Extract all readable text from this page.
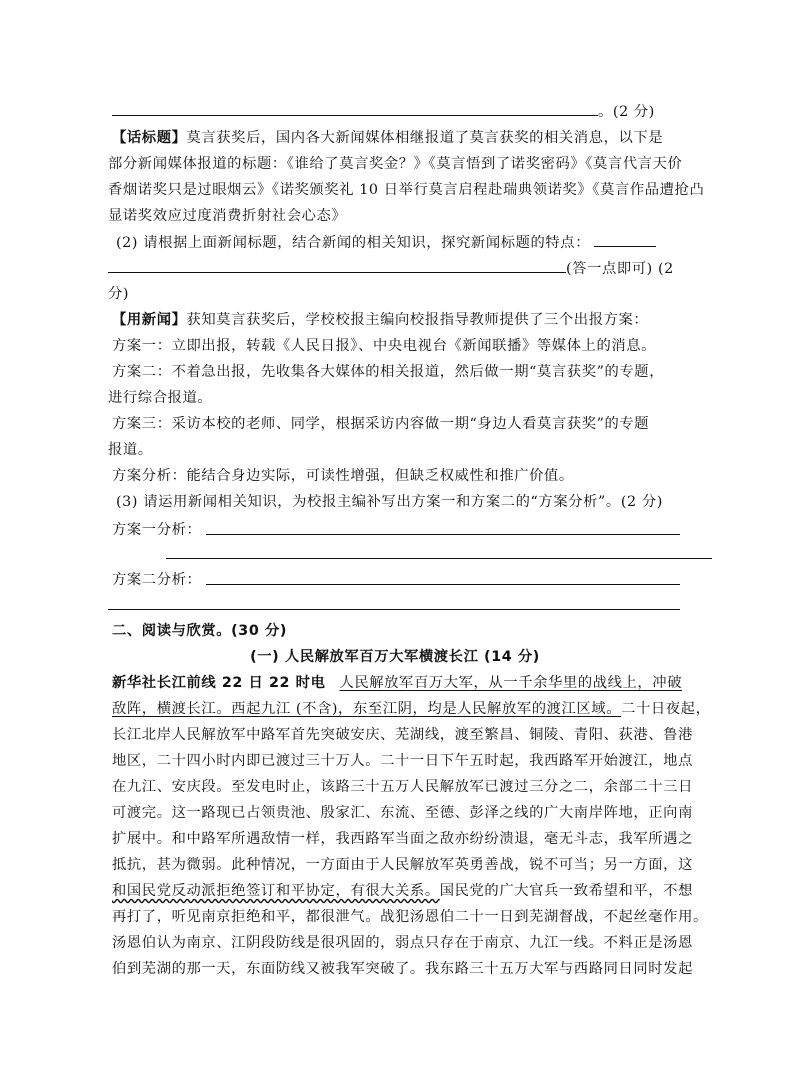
。(2 分)
【话标题】莫言获奖后，国内各大新闻媒体相继报道了莫言获奖的相关消息，以下是
部分新闻媒体报道的标题：《谁给了莫言奖金？》《莫言悟到了诺奖密码》《莫言代言天价
香烟诺奖只是过眼烟云》《诺奖颁奖礼 10 日举行莫言启程赴瑞典领诺奖》《莫言作品遭抢凸
显诺奖效应过度消费折射社会心态》
(2) 请根据上面新闻标题，结合新闻的相关知识，探究新闻标题的特点：
(答一点即可) (2
分)
【用新闻】获知莫言获奖后，学校校报主编向校报指导教师提供了三个出报方案：
方案一：立即出报，转载《人民日报》、中央电视台《新闻联播》等媒体上的消息。
方案二：不着急出报，先收集各大媒体的相关报道，然后做一期“莫言获奖”的专题，
进行综合报道。
方案三：采访本校的老师、同学，根据采访内容做一期“身边人看莫言获奖”的专题
报道。
方案分析：能结合身边实际，可读性增强，但缺乏权威性和推广价值。
(3) 请运用新闻相关知识，为校报主编补写出方案一和方案二的“方案分析”。(2 分)
方案一分析：
方案二分析：
二、阅读与欣赏。(30 分)
(一) 人民解放军百万大军横渡长江 (14 分)
新华社长江前线 22 日 22 时电 人民解放军百万大军，从一千余华里的战线上，冲破
敌阵，横渡长江。西起九江 (不含)，东至江阴，均是人民解放军的渡江区域。二十日夜起，
长江北岸人民解放军中路军首先突破安庆、芜湖线，渡至繁昌、铜陵、青阳、荻港、鲁港
地区，二十四小时内即已渡过三十万人。二十一日下午五时起，我西路军开始渡江，地点
在九江、安庆段。至发电时止，该路三十五万人民解放军已渡过三分之二，余部二十三日
可渡完。这一路现已占领贵池、殷家汇、东流、至德、彭泽之线的广大南岸阵地，正向南
扩展中。和中路军所遇敌情一样，我西路军当面之敌亦纷纷溃退，毫无斗志，我军所遇之
抵抗，甚为微弱。此种情况，一方面由于人民解放军英勇善战，锐不可当；另一方面，这
和国民党反动派拒绝签订和平协定，有很大关系。国民党的广大官兵一致希望和平，不想
再打了，听见南京拒绝和平，都很泄气。战犯汤恩伯二十一日到芜湖督战，不起丝毫作用。
汤恩伯认为南京、江阴段防线是很巩固的，弱点只存在于南京、九江一线。不料正是汤恩
伯到芜湖的那一天，东面防线又被我军突破了。我东路三十五万大军与西路同日同时发起
